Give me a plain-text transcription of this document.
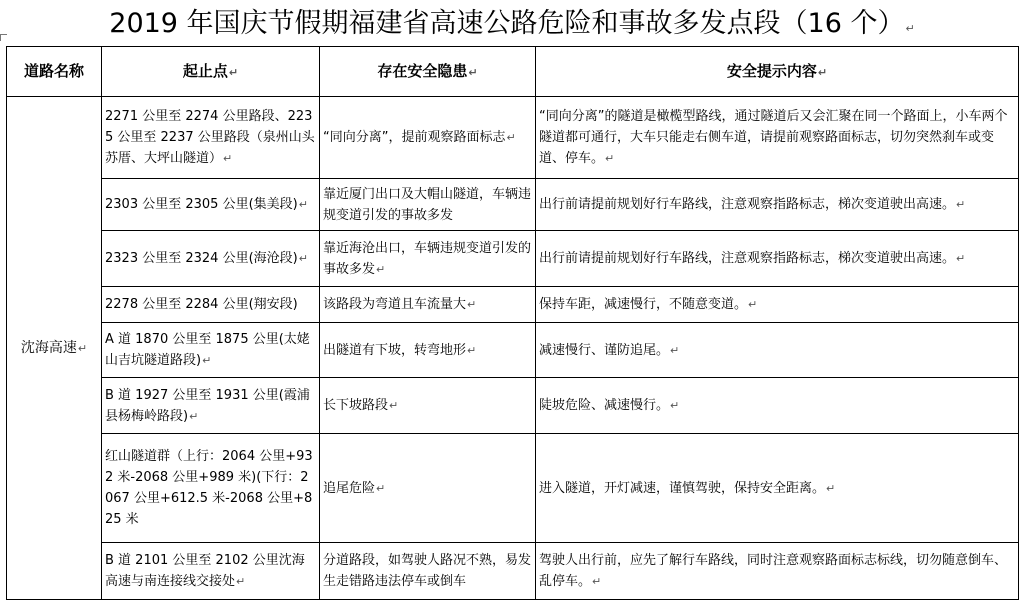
2019 年国庆节假期福建省高速公路危险和事故多发点段（16 个）↵
道路名称	起止点↵	存在安全隐患↵	安全提示内容↵
沈海高速↵	2271 公里至 2274 公里路段、2235 公里至 2237 公里路段（泉州山头苏厝、大坪山隧道）↵	“同向分离”，提前观察路面标志↵	“同向分离”的隧道是橄榄型路线，通过隧道后又会汇聚在同一个路面上，小车两个隧道都可通行，大车只能走右侧车道，请提前观察路面标志，切勿突然刹车或变道、停车。↵
	2303 公里至 2305 公里(集美段)↵	靠近厦门出口及大帽山隧道，车辆违规变道引发的事故多发	出行前请提前规划好行车路线，注意观察指路标志，梯次变道驶出高速。↵
	2323 公里至 2324 公里(海沧段)↵	靠近海沧出口，车辆违规变道引发的事故多发↵	出行前请提前规划好行车路线，注意观察指路标志，梯次变道驶出高速。↵
	2278 公里至 2284 公里(翔安段)	该路段为弯道且车流量大↵	保持车距，减速慢行，不随意变道。↵
	A 道 1870 公里至 1875 公里(太姥山吉坑隧道路段)↵	出隧道有下坡，转弯地形↵	减速慢行、谨防追尾。↵
	B 道 1927 公里至 1931 公里(霞浦县杨梅岭路段)↵	长下坡路段↵	陡坡危险、减速慢行。↵
	红山隧道群（上行：2064 公里+932 米-2068 公里+989 米)(下行：2067 公里+612.5 米-2068 公里+825 米	追尾危险↵	进入隧道，开灯减速，谨慎驾驶，保持安全距离。↵
	B 道 2101 公里至 2102 公里沈海高速与南连接线交接处↵	分道路段，如驾驶人路况不熟，易发生走错路违法停车或倒车	驾驶人出行前，应先了解行车路线，同时注意观察路面标志标线，切勿随意倒车、乱停车。↵
